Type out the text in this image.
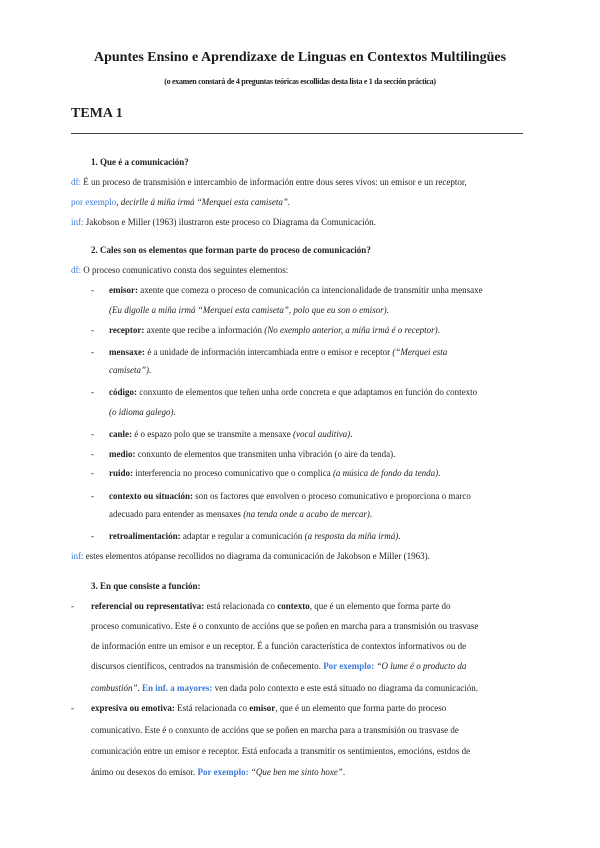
Apuntes Ensino e Aprendizaxe de Linguas en Contextos Multilingües
(o examen constará de 4 preguntas teóricas escollidas desta lista e 1 da sección práctica)
TEMA 1
1. Que é a comunicación?
df: É un proceso de transmisión e intercambio de información entre dous seres vivos: un emisor e un receptor,
por exemplo, decirlle á miña irmá “Merquei esta camiseta”.
inf: Jakobson e Miller (1963) ilustraron este proceso co Diagrama da Comunicación.
2. Cales son os elementos que forman parte do proceso de comunicación?
df: O proceso comunicativo consta dos seguintes elementos:
- emisor: axente que comeza o proceso de comunicación ca intencionalidade de transmitir unha mensaxe
(Eu digolle a miña irmá “Merquei esta camiseta”, polo que eu son o emisor).
- receptor: axente que recibe a información (No exemplo anterior, a miña irmá é o receptor).
- mensaxe: é a unidade de información intercambiada entre o emisor e receptor (“Merquei esta
camiseta”).
- código: conxunto de elementos que teñen unha orde concreta e que adaptamos en función do contexto
(o idioma galego).
- canle: é o espazo polo que se transmite a mensaxe (vocal auditiva).
- medio: conxunto de elementos que transmiten unha vibración (o aire da tenda).
- ruido: interferencia no proceso comunicativo que o complica (a música de fondo da tenda).
- contexto ou situación: son os factores que envolven o proceso comunicativo e proporciona o marco
adecuado para entender as mensaxes (na tenda onde a acabo de mercar).
- retroalimentación: adaptar e regular a comunicación (a resposta da miña irmá).
inf: estes elementos atópanse recollidos no diagrama da comunicación de Jakobson e Miller (1963).
3. En que consiste a función:
- referencial ou representativa: está relacionada co contexto, que é un elemento que forma parte do
proceso comunicativo. Este é o conxunto de accións que se poñen en marcha para a transmisión ou trasvase
de información entre un emisor e un receptor. É a función característica de contextos informativos ou de
discursos científicos, centrados na transmisión de coñecemento. Por exemplo: “O lume é o producto da
combustión”. En inf. a mayores: ven dada polo contexto e este está situado no diagrama da comunicación.
- expresiva ou emotiva: Está relacionada co emisor, que é un elemento que forma parte do proceso
comunicativo. Este é o conxunto de accións que se poñen en marcha para a transmisión ou trasvase de
comunicación entre un emisor e receptor. Está enfocada a transmitir os sentimientos, emocións, estdos de
ánimo ou desexos do emisor. Por exemplo: “Que ben me sinto hoxe”.
